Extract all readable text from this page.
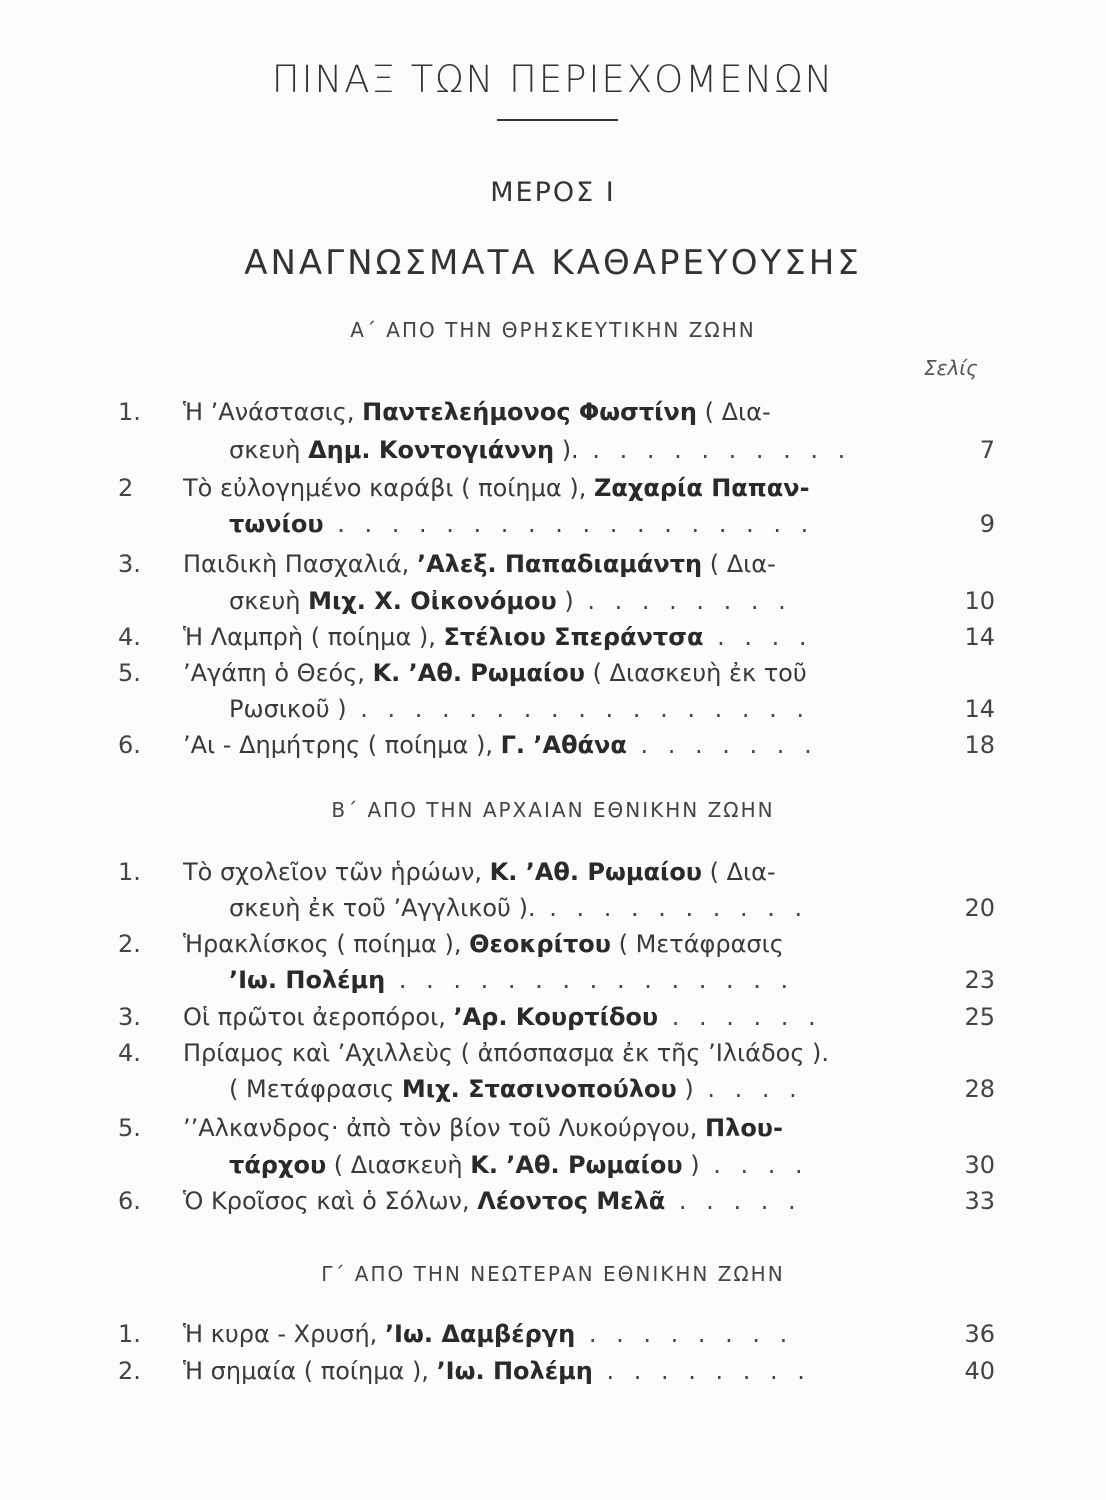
ΠΙΝΑΞ ΤΩΝ ΠΕΡΙΕΧΟΜΕΝΩΝ
ΜΕΡΟΣ Ι
ΑΝΑΓΝΩΣΜΑΤΑ ΚΑΘΑΡΕΥΟΥΣΗΣ
Α΄ ΑΠΟ ΤΗΝ ΘΡΗΣΚΕΥΤΙΚΗΝ ΖΩΗΝ
Σελίς
1. Ἡ ’Ανάστασις, Παντελεήμονος Φωστίνη ( Δια-
σκευὴ Δημ. Κοντογιάννη ). . . . . . . . . . .	7
2 Τὸ εὐλογημένο καράβι ( ποίημα ), Ζαχαρία Παπαν-
τωνίου . . . . . . . . . . . . . . . . . .	9
3. Παιδικὴ Πασχαλιά, ’Αλεξ. Παπαδιαμάντη ( Δια-
σκευὴ Μιχ. Χ. Οἰκονόμου ) . . . . . . . .	10
4. Ἡ Λαμπρὴ ( ποίημα ), Στέλιου Σπεράντσα . . . .	14
5. ’Αγάπη ὁ Θεός, Κ. ’Αθ. Ρωμαίου ( Διασκευὴ ἐκ τοῦ
Ρωσικοῦ ) . . . . . . . . . . . . . . . . .	14
6. ’Αι - Δημήτρης ( ποίημα ), Γ. ’Αθάνα . . . . . . .	18
Β΄ ΑΠΟ ΤΗΝ ΑΡΧΑΙΑΝ ΕΘΝΙΚΗΝ ΖΩΗΝ
1. Τὸ σχολεῖον τῶν ἡρώων, Κ. ’Αθ. Ρωμαίου ( Δια-
σκευὴ ἐκ τοῦ ’Αγγλικοῦ ). . . . . . . . . . .	20
2. Ἡρακλίσκος ( ποίημα ), Θεοκρίτου ( Μετάφρασις
’Ιω. Πολέμη . . . . . . . . . . . . . . .	23
3. Οἱ πρῶτοι ἀεροπόροι, ’Αρ. Κουρτίδου . . . . . .	25
4. Πρίαμος καὶ ’Αχιλλεὺς ( ἀπόσπασμα ἐκ τῆς ’Ιλιάδος ).
( Μετάφρασις Μιχ. Στασινοπούλου ) . . . .	28
5. ’’Αλκανδρος· ἀπὸ τὸν βίον τοῦ Λυκούργου, Πλου-
τάρχου ( Διασκευὴ Κ. ’Αθ. Ρωμαίου ) . . . .	30
6. Ὁ Κροῖσος καὶ ὁ Σόλων, Λέοντος Μελᾶ . . . . .	33
Γ΄ ΑΠΟ ΤΗΝ ΝΕΩΤΕΡΑΝ ΕΘΝΙΚΗΝ ΖΩΗΝ
1. Ἡ κυρα - Χρυσή, ’Ιω. Δαμβέργη . . . . . . . .	36
2. Ἡ σημαία ( ποίημα ), ’Ιω. Πολέμη . . . . . . . .	40
